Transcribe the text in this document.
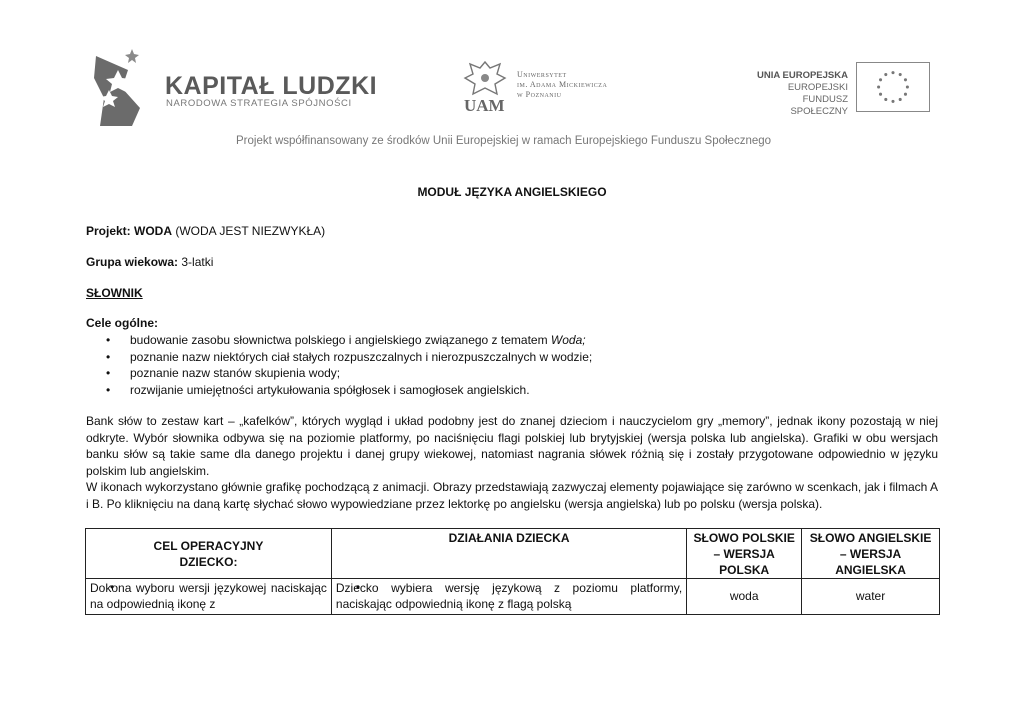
KAPITAŁ LUDZKI
NARODOWA STRATEGIA SPÓJNOŚCI	UAM
Uniwersytet
im. Adama Mickiewicza
w Poznaniu
UNIA EUROPEJSKA
EUROPEJSKI
FUNDUSZ SPOŁECZNY
Projekt współfinansowany ze środków Unii Europejskiej w ramach Europejskiego Funduszu Społecznego
MODUŁ JĘZYKA ANGIELSKIEGO
Projekt: WODA (WODA JEST NIEZWYKŁA)
Grupa wiekowa: 3-latki
SŁOWNIK
Cele ogólne:
• budowanie zasobu słownictwa polskiego i angielskiego związanego z tematem Woda;
• poznanie nazw niektórych ciał stałych rozpuszczalnych i nierozpuszczalnych w wodzie;
• poznanie nazw stanów skupienia wody;
• rozwijanie umiejętności artykułowania spółgłosek i samogłosek angielskich.

Bank słów to zestaw kart – „kafelków”, których wygląd i układ podobny jest do znanej dzieciom i nauczycielom gry „memory”, jednak ikony pozostają w niej odkryte. Wybór słownika odbywa się na poziomie platformy, po naciśnięciu flagi polskiej lub brytyjskiej (wersja polska lub angielska). Grafiki w obu wersjach banku słów są takie same dla danego projektu i danej grupy wiekowej, natomiast nagrania słówek różnią się i zostały przygotowane odpowiednio w języku polskim lub angielskim.

W ikonach wykorzystano głównie grafikę pochodzącą z animacji. Obrazy przedstawiają zazwyczaj elementy pojawiające się zarówno w scenkach, jak i filmach A i B. Po kliknięciu na daną kartę słychać słowo wypowiedziane przez lektorkę po angielsku (wersja angielska) lub po polsku (wersja polska).

CEL OPERACYJNY DZIECKO:	DZIAŁANIA DZIECKA	SŁOWO POLSKIE – WERSJA POLSKA	SŁOWO ANGIELSKIE – WERSJA ANGIELSKA
• Dokona wyboru wersji językowej naciskając na odpowiednią ikonę z	• Dziecko wybiera wersję językową z poziomu platformy, naciskając odpowiednią ikonę z flagą polską	woda	water
